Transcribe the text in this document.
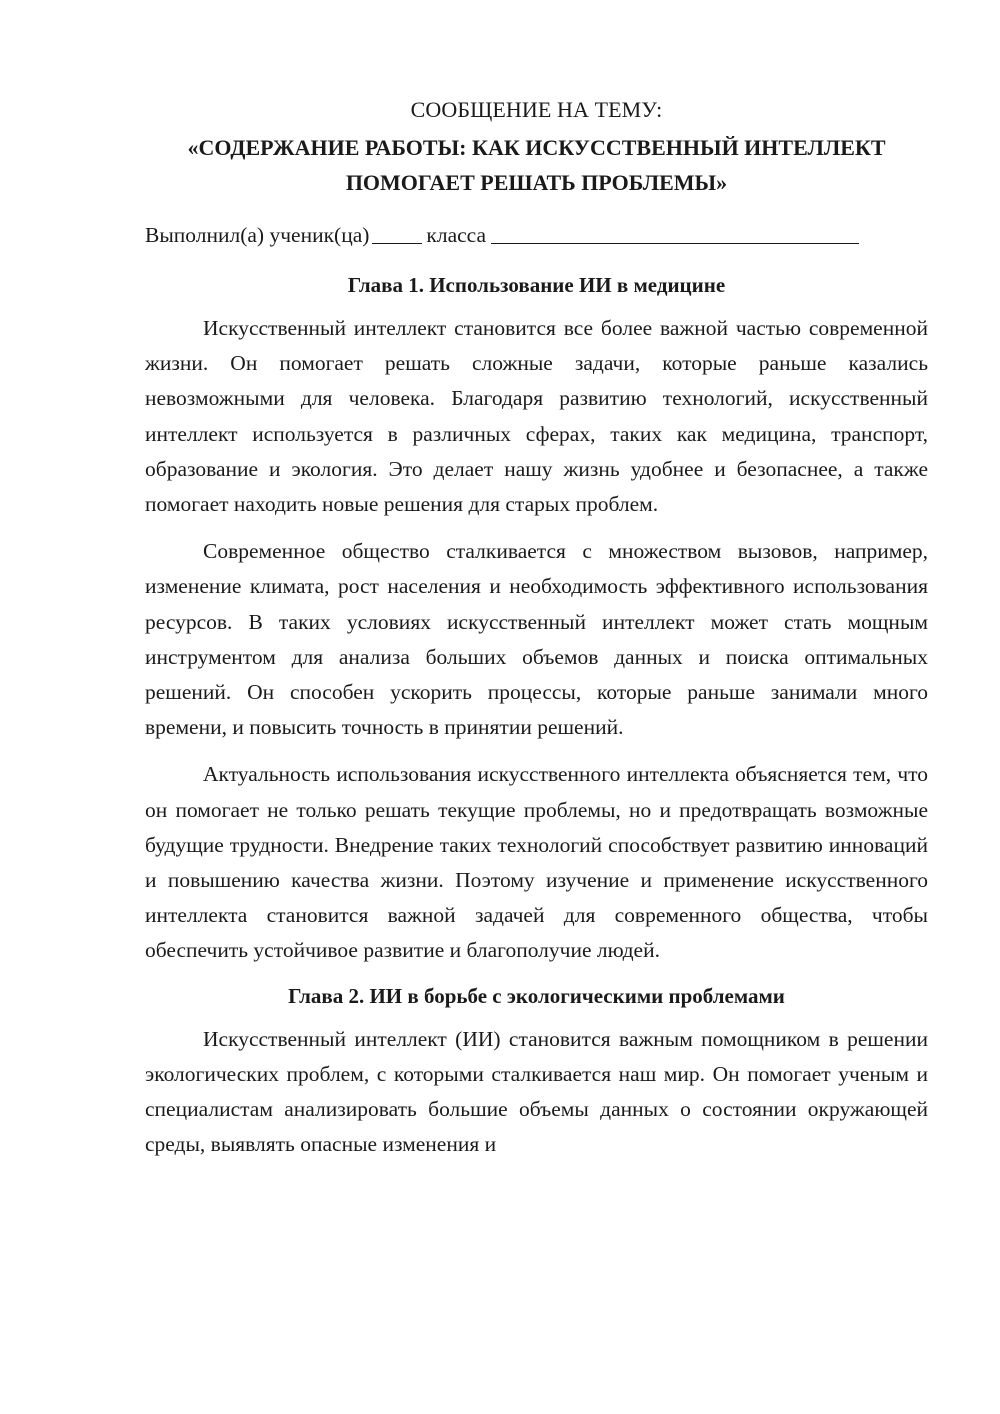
СООБЩЕНИЕ НА ТЕМУ:

«СОДЕРЖАНИЕ РАБОТЫ: КАК ИСКУССТВЕННЫЙ ИНТЕЛЛЕКТ

ПОМОГАЕТ РЕШАТЬ ПРОБЛЕМЫ»

Выполнил(а) ученик(ца)	класса

Глава 1. Использование ИИ в медицине

Искусственный интеллект становится все более важной частью современной жизни. Он помогает решать сложные задачи, которые раньше казались невозможными для человека. Благодаря развитию технологий, искусственный интеллект используется в различных сферах, таких как медицина, транспорт, образование и экология. Это делает нашу жизнь удобнее и безопаснее, а также помогает находить новые решения для старых проблем.

Современное общество сталкивается с множеством вызовов, например, изменение климата, рост населения и необходимость эффективного использования ресурсов. В таких условиях искусственный интеллект может стать мощным инструментом для анализа больших объемов данных и поиска оптимальных решений. Он способен ускорить процессы, которые раньше занимали много времени, и повысить точность в принятии решений.

Актуальность использования искусственного интеллекта объясняется тем, что он помогает не только решать текущие проблемы, но и предотвращать возможные будущие трудности. Внедрение таких технологий способствует развитию инноваций и повышению качества жизни. Поэтому изучение и применение искусственного интеллекта становится важной задачей для современного общества, чтобы обеспечить устойчивое развитие и благополучие людей.

Глава 2. ИИ в борьбе с экологическими проблемами

Искусственный интеллект (ИИ) становится важным помощником в решении экологических проблем, с которыми сталкивается наш мир. Он помогает ученым и специалистам анализировать большие объемы данных о состоянии окружающей среды, выявлять опасные изменения и
